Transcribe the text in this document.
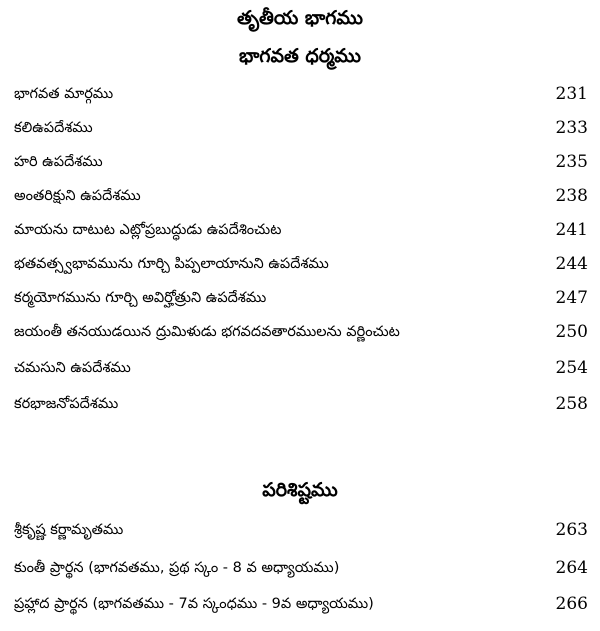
తృతీయ భాగము
భాగవత ధర్మము
భాగవత మార్గము	231
కలిఉపదేశము	233
హరి ఉపదేశము	235
అంతరిక్షుని ఉపదేశము	238
మాయను దాటుట ఎట్లోప్రబుద్ధుడు ఉపదేశించుట	241
భతవత్స్వభావమును గూర్చి పిప్పలాయానుని ఉపదేశము	244
కర్మయోగమును గూర్చి అవిర్హోత్రుని ఉపదేశము	247
జయంతీ తనయుడయిన ద్రుమిళుడు భగవదవతారములను వర్ణించుట	250
చమసుని ఉపదేశము	254
కరభాజనోపదేశము	258
పరిశిష్టము
శ్రీకృష్ణ కర్ణామృతము	263
కుంతీ ప్రార్థన (భాగవతము, ప్రథ స్కం - 8 వ అధ్యాయము)	264
ప్రహ్లాద ప్రార్థన (భాగవతము - 7వ స్కంధము - 9వ అధ్యాయము)	266
